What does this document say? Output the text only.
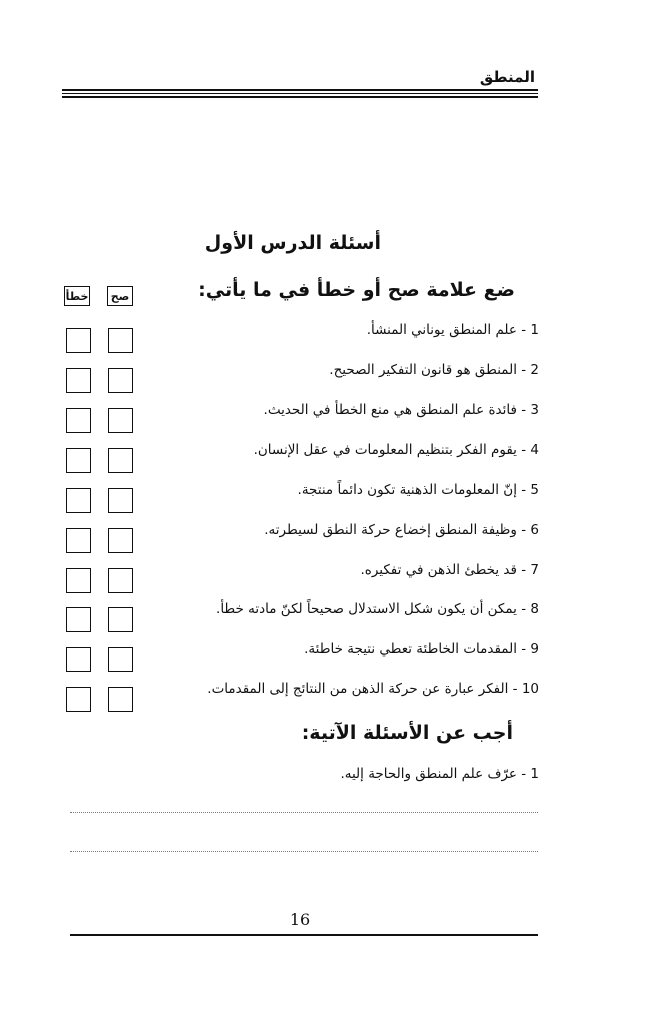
المنطق
أسئلة الدرس الأول
ضع علامة صح أو خطأ في ما يأتي:
صح
خطأ
1 - علم المنطق يوناني المنشأ.
2 - المنطق هو قانون التفكير الصحيح.
3 - فائدة علم المنطق هي منع الخطأ في الحديث.
4 - يقوم الفكر بتنظيم المعلومات في عقل الإنسان.
5 - إنّ المعلومات الذهنية تكون دائماً منتجة.
6 - وظيفة المنطق إخضاع حركة النطق لسيطرته.
7 - قد يخطئ الذهن في تفكيره.
8 - يمكن أن يكون شكل الاستدلال صحيحاً لكنّ مادته خطأ.
9 - المقدمات الخاطئة تعطي نتيجة خاطئة.
10 - الفكر عبارة عن حركة الذهن من النتائج إلى المقدمات.
أجب عن الأسئلة الآتية:
1 - عرّف علم المنطق والحاجة إليه.
16
